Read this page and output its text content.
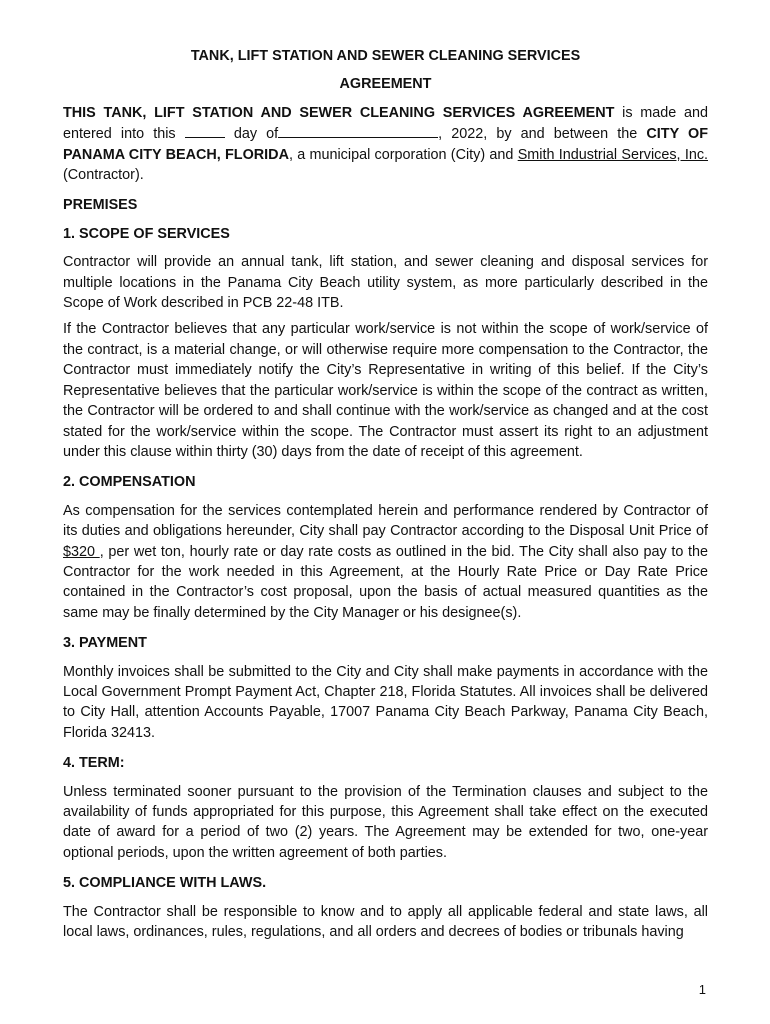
TANK, LIFT STATION AND SEWER CLEANING SERVICES

AGREEMENT

THIS TANK, LIFT STATION AND SEWER CLEANING SERVICES AGREEMENT is made and entered into this	day of	, 2022, by and between the CITY OF PANAMA CITY BEACH, FLORIDA, a municipal corporation (City) and Smith Industrial Services, Inc. (Contractor).

PREMISES

1. SCOPE OF SERVICES

Contractor will provide an annual tank, lift station, and sewer cleaning and disposal services for multiple locations in the Panama City Beach utility system, as more particularly described in the Scope of Work described in PCB 22-48 ITB.

If the Contractor believes that any particular work/service is not within the scope of work/service of the contract, is a material change, or will otherwise require more compensation to the Contractor, the Contractor must immediately notify the City’s Representative in writing of this belief. If the City’s Representative believes that the particular work/service is within the scope of the contract as written, the Contractor will be ordered to and shall continue with the work/service as changed and at the cost stated for the work/service within the scope. The Contractor must assert its right to an adjustment under this clause within thirty (30) days from the date of receipt of this agreement.

2. COMPENSATION

As compensation for the services contemplated herein and performance rendered by Contractor of its duties and obligations hereunder, City shall pay Contractor according to the Disposal Unit Price of $320 , per wet ton, hourly rate or day rate costs as outlined in the bid. The City shall also pay to the Contractor for the work needed in this Agreement, at the Hourly Rate Price or Day Rate Price contained in the Contractor’s cost proposal, upon the basis of actual measured quantities as the same may be finally determined by the City Manager or his designee(s).

3. PAYMENT

Monthly invoices shall be submitted to the City and City shall make payments in accordance with the Local Government Prompt Payment Act, Chapter 218, Florida Statutes. All invoices shall be delivered to City Hall, attention Accounts Payable, 17007 Panama City Beach Parkway, Panama City Beach, Florida 32413.

4. TERM:

Unless terminated sooner pursuant to the provision of the Termination clauses and subject to the availability of funds appropriated for this purpose, this Agreement shall take effect on the executed date of award for a period of two (2) years. The Agreement may be extended for two, one-year optional periods, upon the written agreement of both parties.

5. COMPLIANCE WITH LAWS.

The Contractor shall be responsible to know and to apply all applicable federal and state laws, all local laws, ordinances, rules, regulations, and all orders and decrees of bodies or tribunals having

1
